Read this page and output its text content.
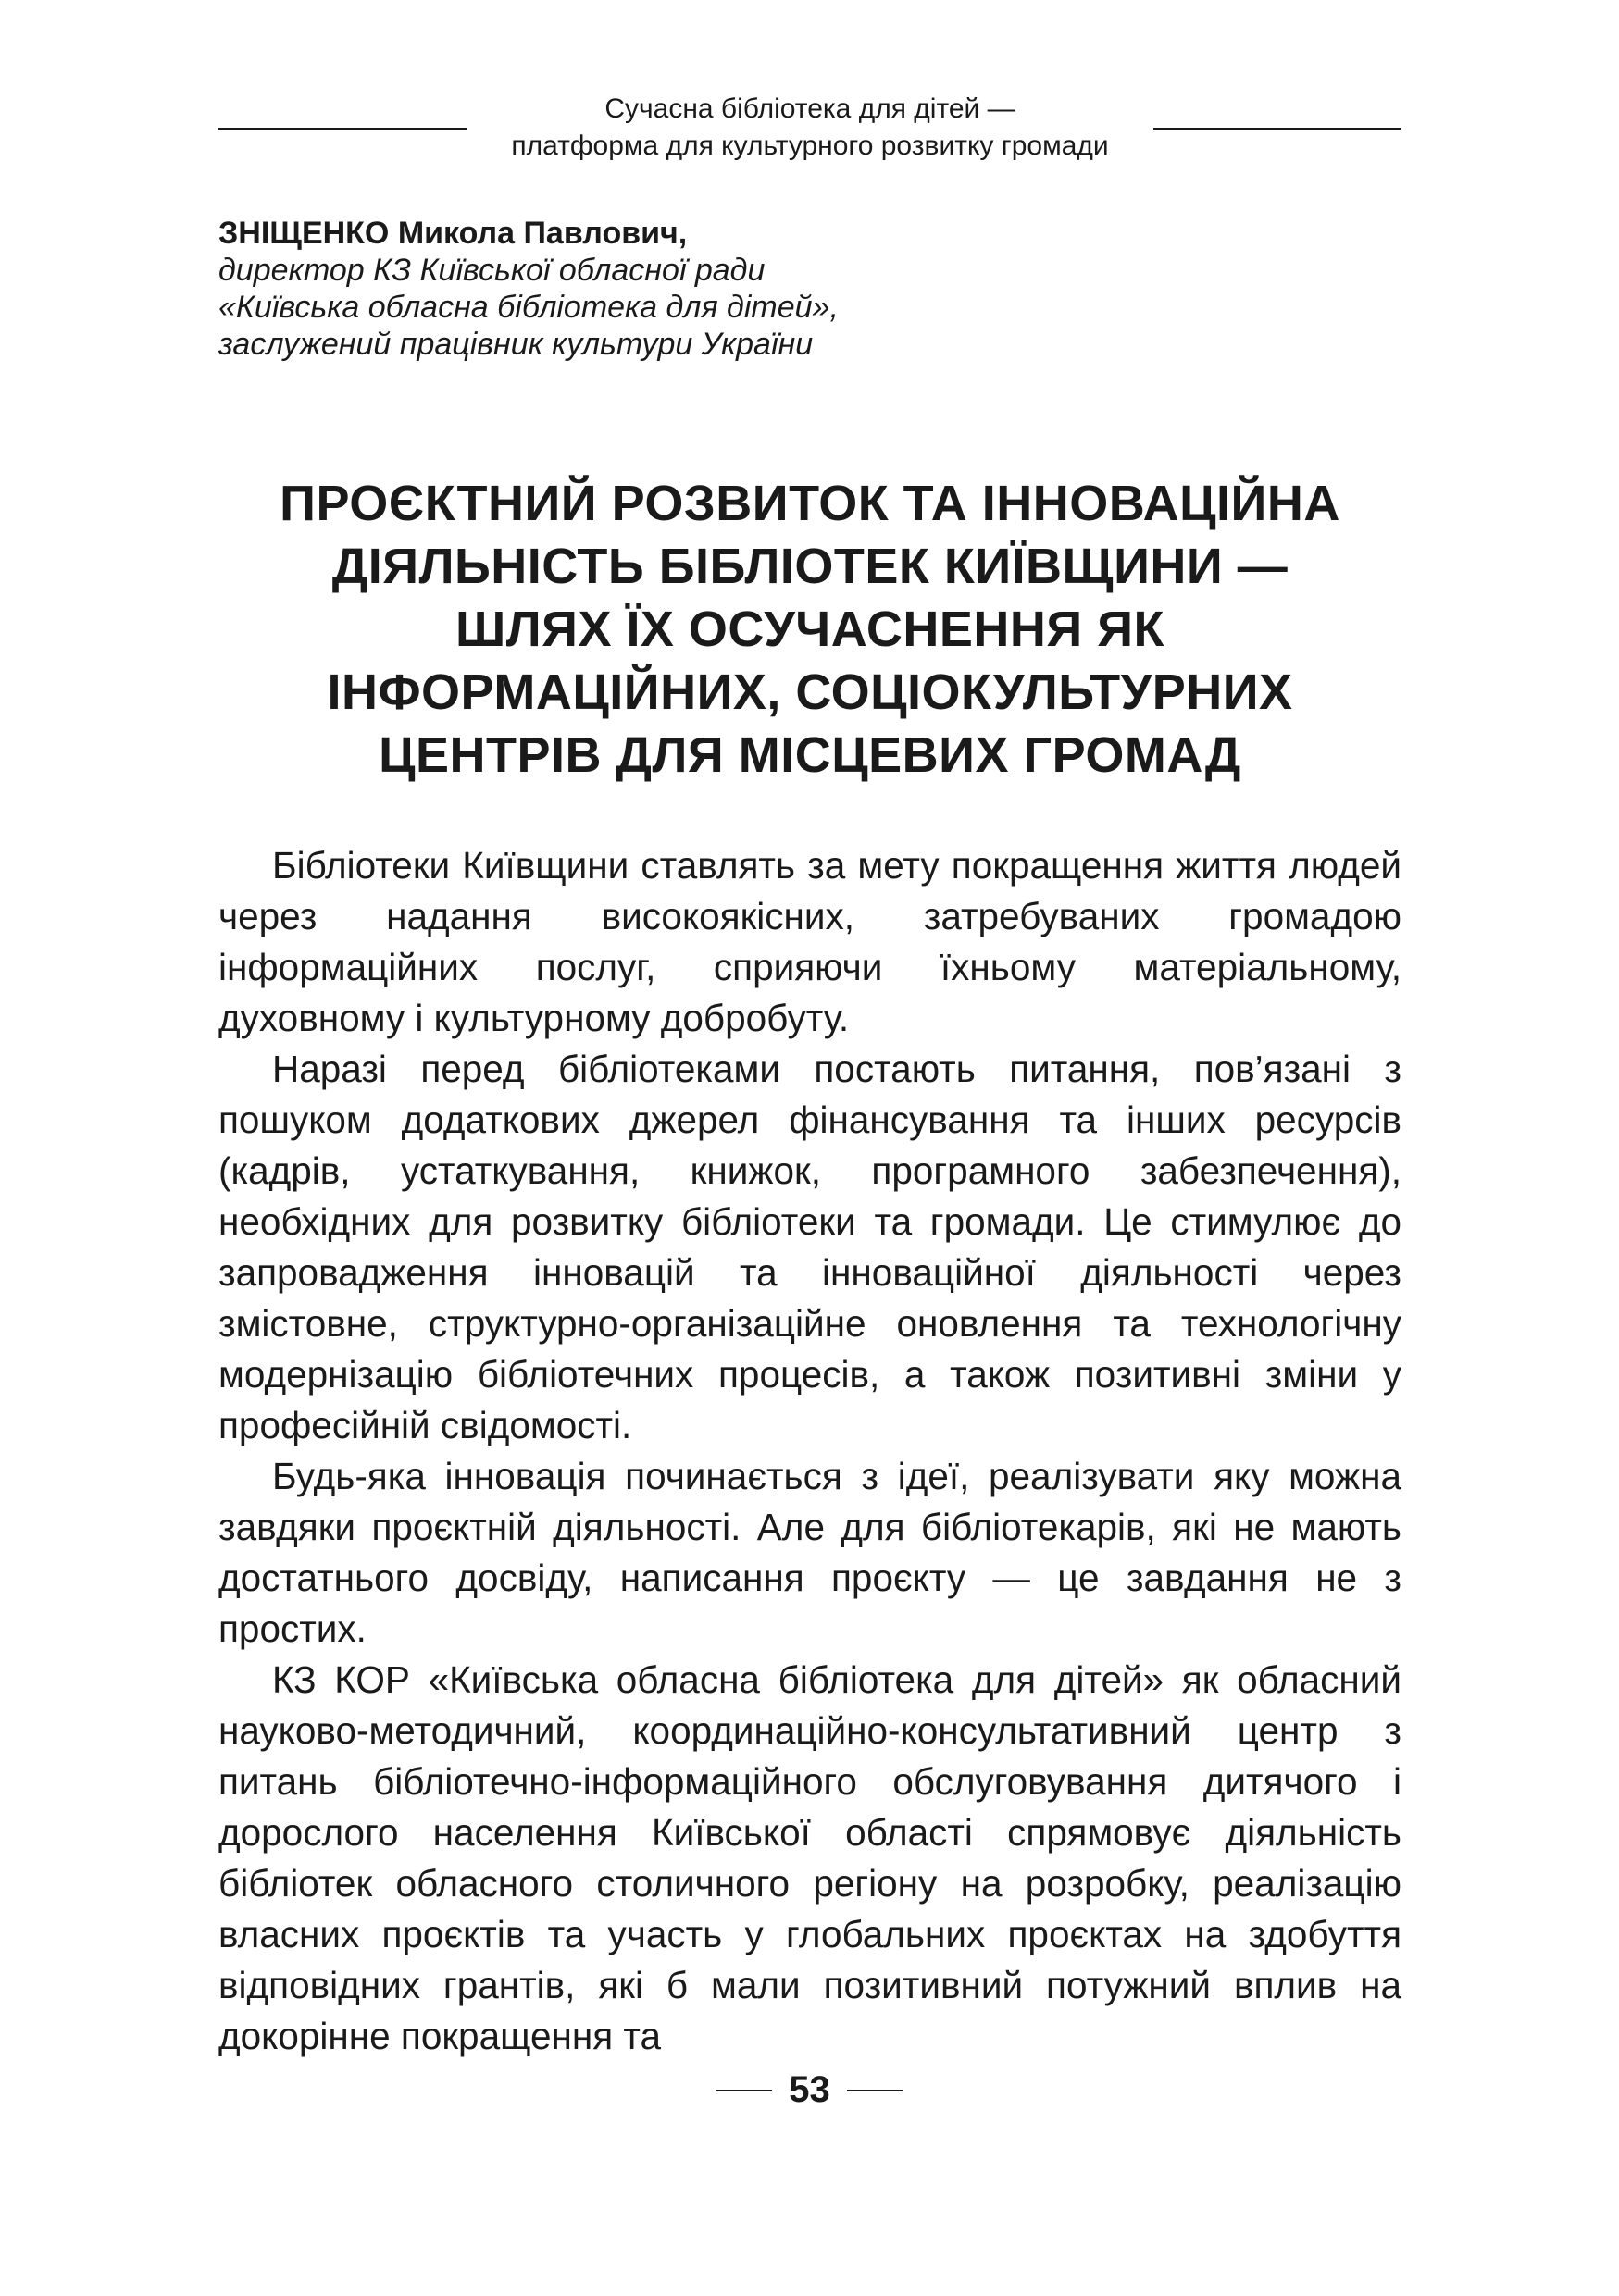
Сучасна бібліотека для дітей —
платформа для культурного розвитку громади
ЗНІЩЕНКО Микола Павлович,
директор КЗ Київської обласної ради
«Київська обласна бібліотека для дітей»,
заслужений працівник культури України
ПРОЄКТНИЙ РОЗВИТОК ТА ІННОВАЦІЙНА
ДІЯЛЬНІСТЬ БІБЛІОТЕК КИЇВЩИНИ —
ШЛЯХ ЇХ ОСУЧАСНЕННЯ ЯК
ІНФОРМАЦІЙНИХ, СОЦІОКУЛЬТУРНИХ
ЦЕНТРІВ ДЛЯ МІСЦЕВИХ ГРОМАД

Бібліотеки Київщини ставлять за мету покращення життя людей через надання високоякісних, затребуваних громадою інформаційних послуг, сприяючи їхньому матеріальному, духовному і культурному добробуту.

Наразі перед бібліотеками постають питання, пов’язані з пошуком додаткових джерел фінансування та інших ресурсів (кадрів, устаткування, книжок, програмного забезпечення), необхідних для розвитку бібліотеки та громади. Це стимулює до запровадження інновацій та інноваційної діяльності через змістовне, структурно-організаційне оновлення та технологічну модернізацію бібліотечних процесів, а також позитивні зміни у професійній свідомості.

Будь-яка інновація починається з ідеї, реалізувати яку можна завдяки проєктній діяльності. Але для бібліотекарів, які не мають достатнього досвіду, написання проєкту — це завдання не з простих.

КЗ КОР «Київська обласна бібліотека для дітей» як обласний науково-методичний, координаційно-консультативний центр з питань бібліотечно-інформаційного обслуговування дитячого і дорослого населення Київської області спрямовує діяльність бібліотек обласного столичного регіону на розробку, реалізацію власних проєктів та участь у глобальних проєктах на здобуття відповідних грантів, які б мали позитивний потужний вплив на докорінне покращення та

53
